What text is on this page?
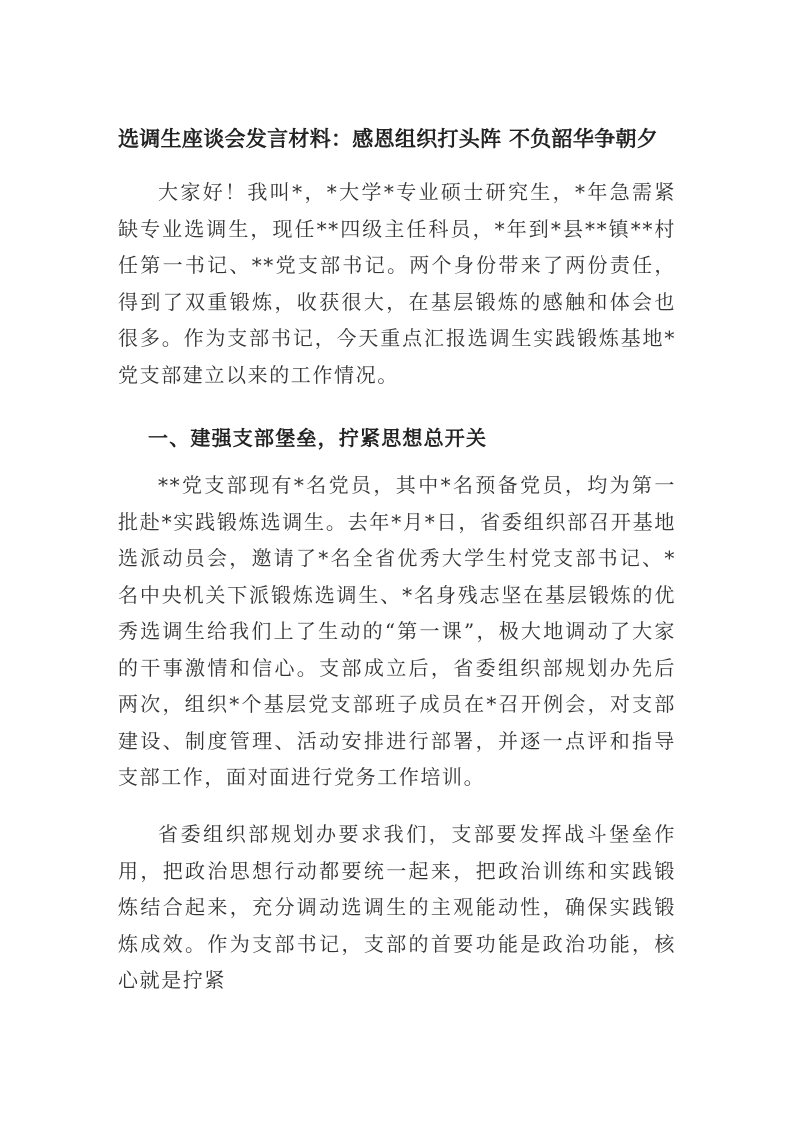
选调生座谈会发言材料：感恩组织打头阵 不负韶华争朝夕

大家好！我叫*，*大学*专业硕士研究生，*年急需紧缺专业选调生，现任**四级主任科员，*年到*县**镇**村任第一书记、**党支部书记。两个身份带来了两份责任，得到了双重锻炼，收获很大，在基层锻炼的感触和体会也很多。作为支部书记，今天重点汇报选调生实践锻炼基地*党支部建立以来的工作情况。

一、建强支部堡垒，拧紧思想总开关

**党支部现有*名党员，其中*名预备党员，均为第一批赴*实践锻炼选调生。去年*月*日，省委组织部召开基地选派动员会，邀请了*名全省优秀大学生村党支部书记、*名中央机关下派锻炼选调生、*名身残志坚在基层锻炼的优秀选调生给我们上了生动的“第一课”，极大地调动了大家的干事激情和信心。支部成立后，省委组织部规划办先后两次，组织*个基层党支部班子成员在*召开例会，对支部建设、制度管理、活动安排进行部署，并逐一点评和指导支部工作，面对面进行党务工作培训。

省委组织部规划办要求我们，支部要发挥战斗堡垒作用，把政治思想行动都要统一起来，把政治训练和实践锻炼结合起来，充分调动选调生的主观能动性，确保实践锻炼成效。作为支部书记，支部的首要功能是政治功能，核心就是拧紧
